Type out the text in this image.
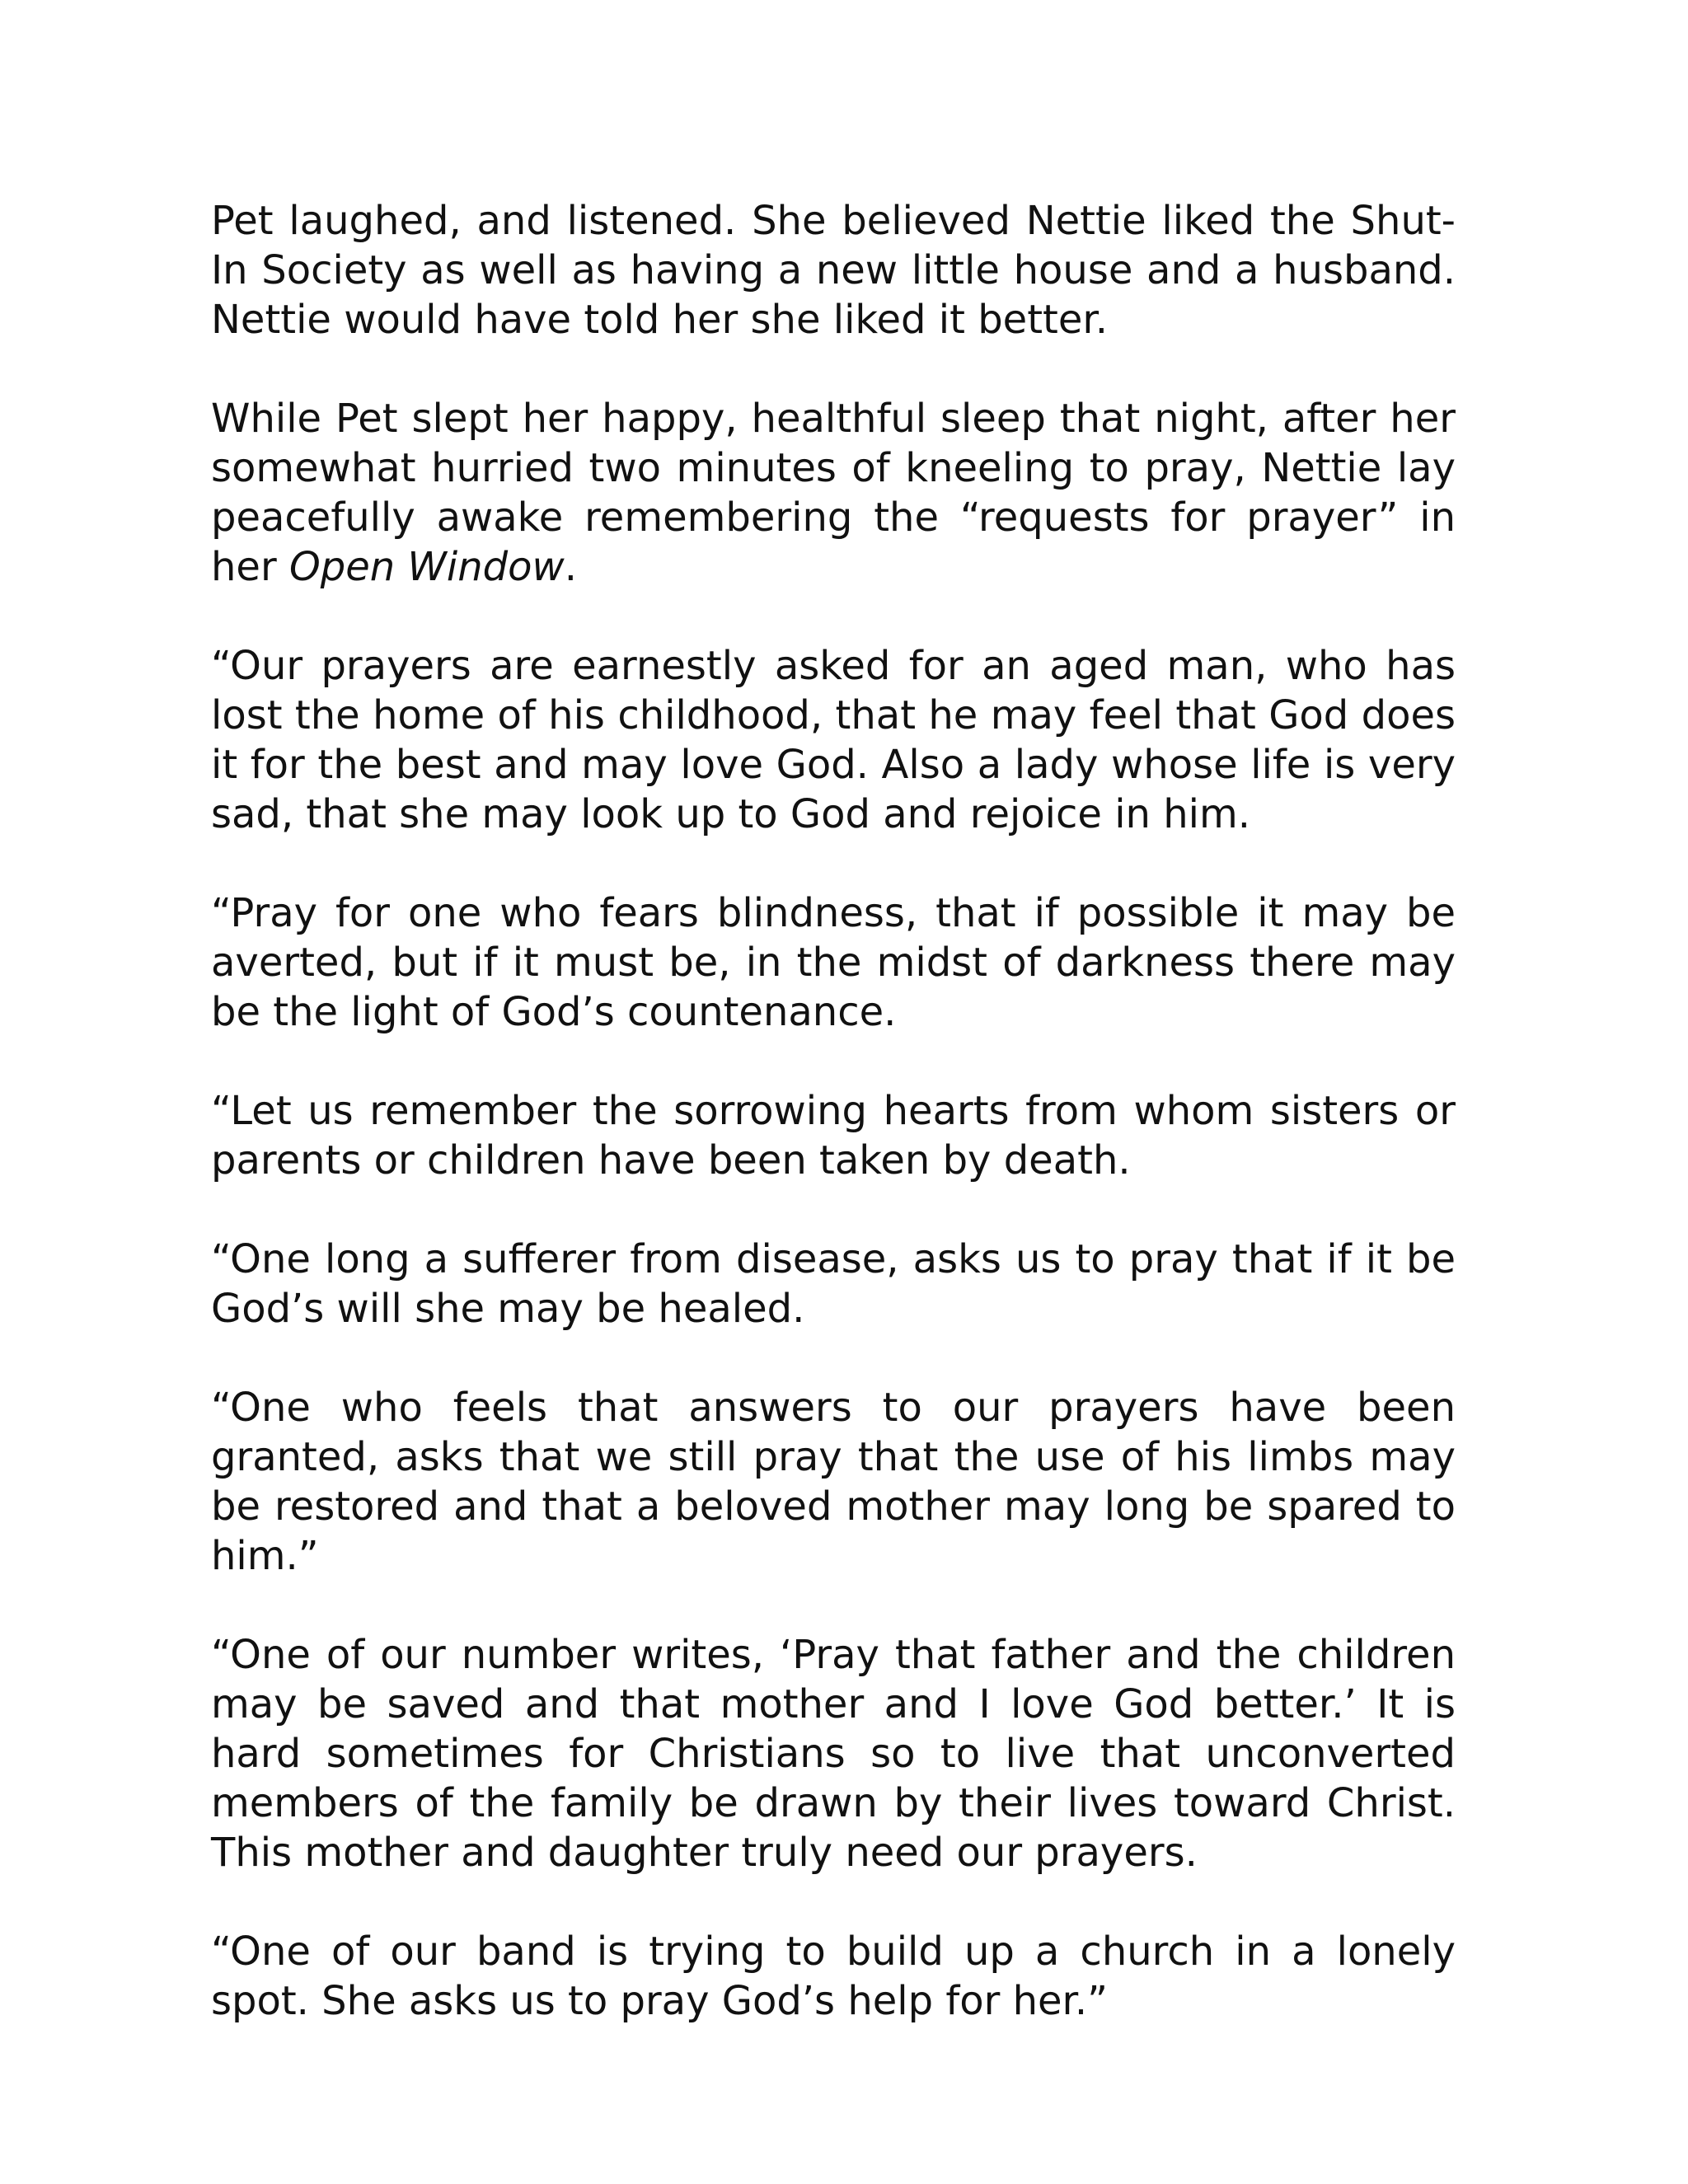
Pet laughed, and listened. She believed Nettie liked the Shut-In Society as well as having a new little house and a husband. Nettie would have told her she liked it better.

While Pet slept her happy, healthful sleep that night, after her somewhat hurried two minutes of kneeling to pray, Nettie lay peacefully awake remembering the “requests for prayer” in her Open Window.

“Our prayers are earnestly asked for an aged man, who has lost the home of his childhood, that he may feel that God does it for the best and may love God. Also a lady whose life is very sad, that she may look up to God and rejoice in him.

“Pray for one who fears blindness, that if possible it may be averted, but if it must be, in the midst of darkness there may be the light of God’s countenance.

“Let us remember the sorrowing hearts from whom sisters or parents or children have been taken by death.

“One long a sufferer from disease, asks us to pray that if it be God’s will she may be healed.

“One who feels that answers to our prayers have been granted, asks that we still pray that the use of his limbs may be restored and that a beloved mother may long be spared to him.”

“One of our number writes, ‘Pray that father and the children may be saved and that mother and I love God better.’ It is hard sometimes for Christians so to live that unconverted members of the family be drawn by their lives toward Christ. This mother and daughter truly need our prayers.

“One of our band is trying to build up a church in a lonely spot. She asks us to pray God’s help for her.”
